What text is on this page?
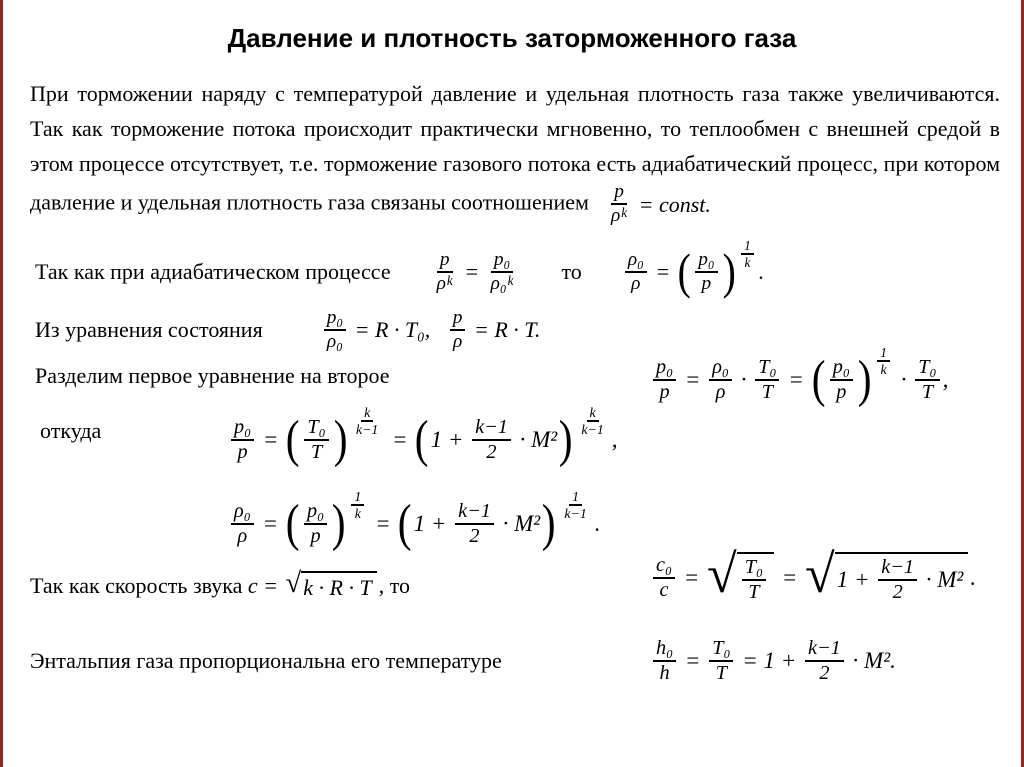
Давление и плотность заторможенного газа

При торможении наряду с температурой давление и удельная плотность газа также увеличиваются. Так как торможение потока происходит практически мгновенно, то теплообмен с внешней средой в этом процессе отсутствует, т.е. торможение газового потока есть адиабатический процесс, при котором давление и удельная плотность газа связаны соотношением $\frac{p}{\text{ρ k}}$ = const.

Так как при адиабатическом процессе $\frac{p}{\text{ρ k}} = \frac{\text{p₀}}{\text{ρ₀ k}}$ то $\frac{\text{ρ₀}}{\rho}$ = ( $\frac{\text{p₀}}{p}$ ) $\frac{1}{k}$
.
Из уравнения состояния	$\frac{\text{p₀}}{\text{ρ₀}} = R \cdot T_0$, $\frac{p}{\rho} = R \cdot T$.
Разделим первое уравнение на второе	$\frac{\text{p₀}}{p} = \frac{\text{ρ₀}}{\rho} \cdot \frac{\text{T₀}}{T}$ = ( $\frac{\text{p₀}}{p}$ ) $\frac{1}{k}$
· $\frac{\text{T₀}}{T}$ ,
откуда	$\frac{\text{p₀}}{p}$ = ( $\frac{\text{T₀}}{T}$ ) $\frac{k}{k-1}$
= ( $1 + \frac{k-1}{2} \cdot M^2$ ) $\frac{k}{k-1}$
,
$\frac{\text{ρ₀}}{\rho}$ = ( $\frac{\text{p₀}}{p}$ ) $\frac{1}{k}$
= ( $1 + \frac{k-1}{2} \cdot M^2$ ) $\frac{1}{k-1}$
.
Так как скорость звука c = √ k · R · T , то	$\frac{\text{c₀}}{c}$ = √ $\frac{\text{T₀}}{T}$ = √ $1 + \frac{k-1}{2} \cdot M^2$ .
Энтальпия газа пропорциональна его температуре	$\frac{\text{h₀}}{h} = \frac{\text{T₀}}{T} = 1 + \frac{k-1}{2} \cdot M^2$.
